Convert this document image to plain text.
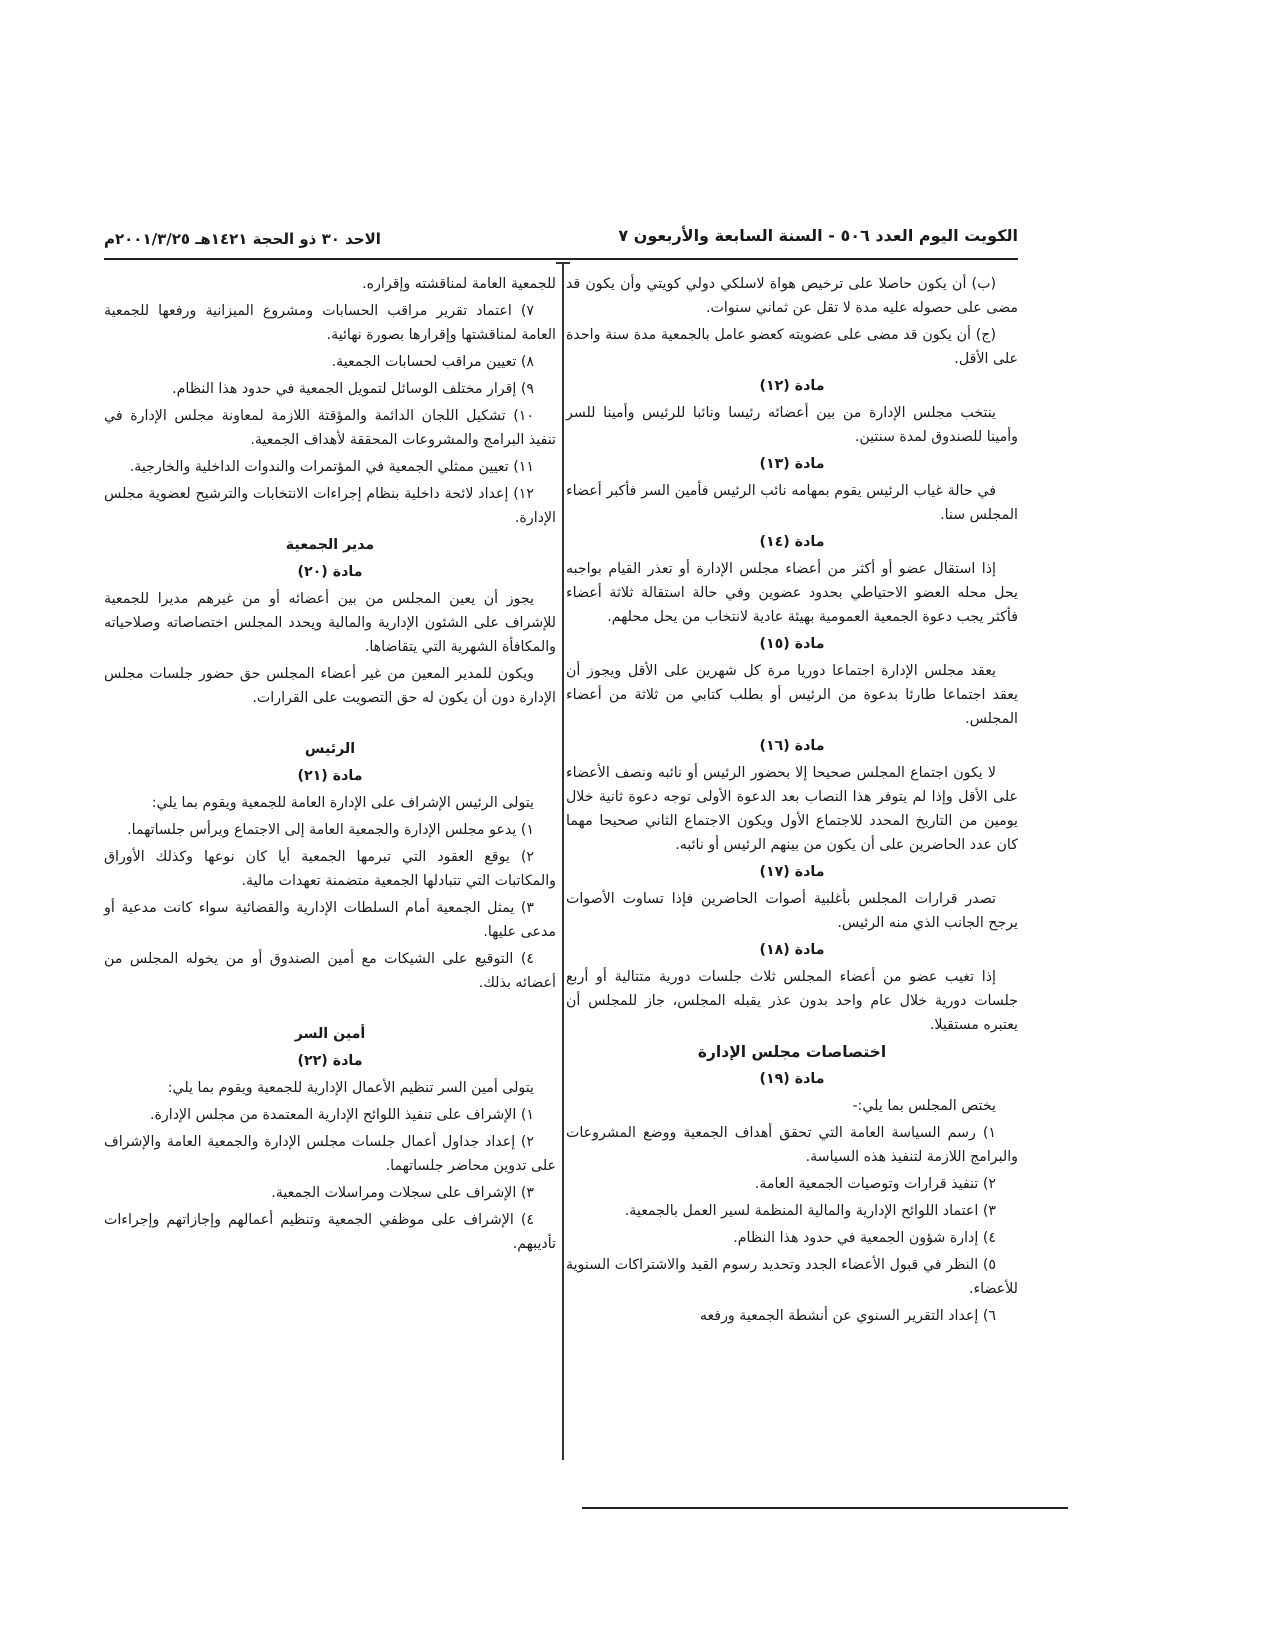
الكويت اليوم العدد ٥٠٦ - السنة السابعة والأربعون ٧
الاحد ٣٠ ذو الحجة ١٤٢١هـ ٢٠٠١/٣/٢٥م

(ب) أن يكون حاصلا على ترخيص هواة لاسلكي دولي كويتي وأن يكون قد مضى على حصوله عليه مدة لا تقل عن ثماني سنوات.

(ج) أن يكون قد مضى على عضويته كعضو عامل بالجمعية مدة سنة واحدة على الأقل.

مادة (١٢)

ينتخب مجلس الإدارة من بين أعضائه رئيسا ونائبا للرئيس وأمينا للسر وأمينا للصندوق لمدة سنتين.

مادة (١٣)

في حالة غياب الرئيس يقوم بمهامه نائب الرئيس فأمين السر فأكبر أعضاء المجلس سنا.

مادة (١٤)

إذا استقال عضو أو أكثر من أعضاء مجلس الإدارة أو تعذر القيام بواجبه يحل محله العضو الاحتياطي بحدود عضوين وفي حالة استقالة ثلاثة أعضاء فأكثر يجب دعوة الجمعية العمومية بهيئة عادية لانتخاب من يحل محلهم.

مادة (١٥)

يعقد مجلس الإدارة اجتماعا دوريا مرة كل شهرين على الأقل ويجوز أن يعقد اجتماعا طارئا بدعوة من الرئيس أو بطلب كتابي من ثلاثة من أعضاء المجلس.

مادة (١٦)

لا يكون اجتماع المجلس صحيحا إلا بحضور الرئيس أو نائبه ونصف الأعضاء على الأقل وإذا لم يتوفر هذا النصاب بعد الدعوة الأولى توجه دعوة ثانية خلال يومين من التاريخ المحدد للاجتماع الأول ويكون الاجتماع الثاني صحيحا مهما كان عدد الحاضرين على أن يكون من بينهم الرئيس أو نائبه.

مادة (١٧)

تصدر قرارات المجلس بأغلبية أصوات الحاضرين فإذا تساوت الأصوات يرجح الجانب الذي منه الرئيس.

مادة (١٨)

إذا تغيب عضو من أعضاء المجلس ثلاث جلسات دورية متتالية أو أربع جلسات دورية خلال عام واحد بدون عذر يقبله المجلس، جاز للمجلس أن يعتبره مستقيلا.

اختصاصات مجلس الإدارة
مادة (١٩)

يختص المجلس بما يلي:-

١) رسم السياسة العامة التي تحقق أهداف الجمعية ووضع المشروعات والبرامج اللازمة لتنفيذ هذه السياسة.

٢) تنفيذ قرارات وتوصيات الجمعية العامة.

٣) اعتماد اللوائح الإدارية والمالية المنظمة لسير العمل بالجمعية.

٤) إدارة شؤون الجمعية في حدود هذا النظام.

٥) النظر في قبول الأعضاء الجدد وتحديد رسوم القيد والاشتراكات السنوية للأعضاء.

٦) إعداد التقرير السنوي عن أنشطة الجمعية ورفعه

للجمعية العامة لمناقشته وإقراره.

٧) اعتماد تقرير مراقب الحسابات ومشروع الميزانية ورفعها للجمعية العامة لمناقشتها وإقرارها بصورة نهائية.

٨) تعيين مراقب لحسابات الجمعية.

٩) إقرار مختلف الوسائل لتمويل الجمعية في حدود هذا النظام.

١٠) تشكيل اللجان الدائمة والمؤقتة اللازمة لمعاونة مجلس الإدارة في تنفيذ البرامج والمشروعات المحققة لأهداف الجمعية.

١١) تعيين ممثلي الجمعية في المؤتمرات والندوات الداخلية والخارجية.

١٢) إعداد لائحة داخلية بنظام إجراءات الانتخابات والترشيح لعضوية مجلس الإدارة.

مدير الجمعية
مادة (٢٠)

يجوز أن يعين المجلس من بين أعضائه أو من غيرهم مديرا للجمعية للإشراف على الشئون الإدارية والمالية ويحدد المجلس اختصاصاته وصلاحياته والمكافأة الشهرية التي يتقاضاها.

ويكون للمدير المعين من غير أعضاء المجلس حق حضور جلسات مجلس الإدارة دون أن يكون له حق التصويت على القرارات.

الرئيس
مادة (٢١)

يتولى الرئيس الإشراف على الإدارة العامة للجمعية ويقوم بما يلي:

١) يدعو مجلس الإدارة والجمعية العامة إلى الاجتماع ويرأس جلساتهما.

٢) يوقع العقود التي تبرمها الجمعية أيا كان نوعها وكذلك الأوراق والمكاتبات التي تتبادلها الجمعية متضمنة تعهدات مالية.

٣) يمثل الجمعية أمام السلطات الإدارية والقضائية سواء كانت مدعية أو مدعى عليها.

٤) التوقيع على الشيكات مع أمين الصندوق أو من يخوله المجلس من أعضائه بذلك.

أمين السر
مادة (٢٢)

يتولى أمين السر تنظيم الأعمال الإدارية للجمعية ويقوم بما يلي:

١) الإشراف على تنفيذ اللوائح الإدارية المعتمدة من مجلس الإدارة.

٢) إعداد جداول أعمال جلسات مجلس الإدارة والجمعية العامة والإشراف على تدوين محاضر جلساتهما.

٣) الإشراف على سجلات ومراسلات الجمعية.

٤) الإشراف على موظفي الجمعية وتنظيم أعمالهم وإجازاتهم وإجراءات تأديبهم.
